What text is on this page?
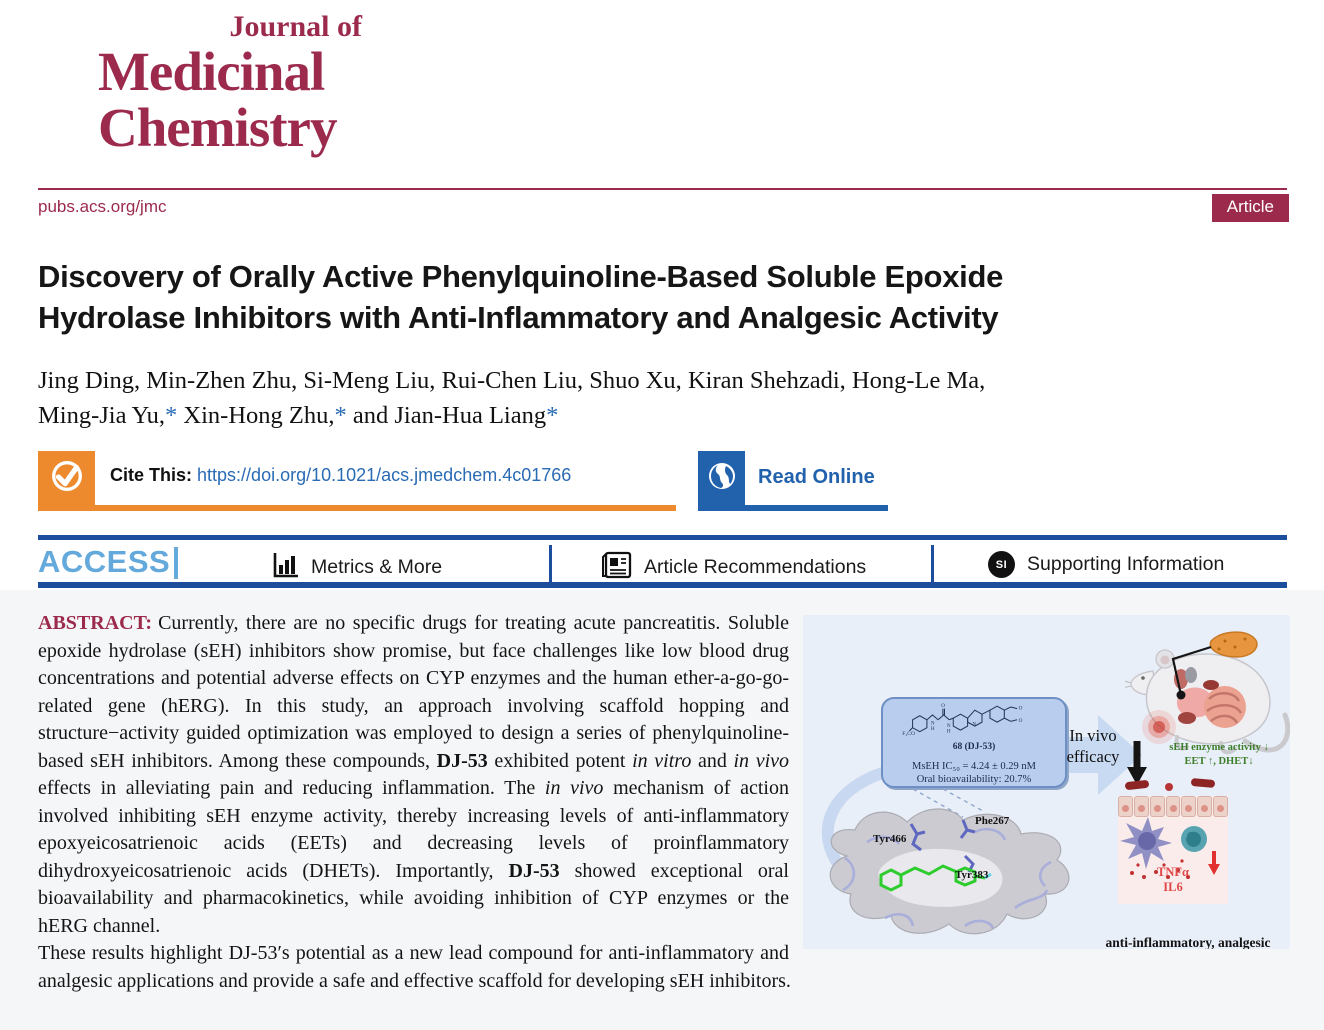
Journal of
Medicinal
Chemistry
pubs.acs.org/jmc	Article
Discovery of Orally Active Phenylquinoline-Based Soluble Epoxide
Hydrolase Inhibitors with Anti-Inflammatory and Analgesic Activity
Jing Ding, Min-Zhen Zhu, Si-Meng Liu, Rui-Chen Liu, Shuo Xu, Kiran Shehzadi, Hong-Le Ma,
Ming-Jia Yu,* Xin-Hong Zhu,* and Jian-Hua Liang*
Cite This: https://doi.org/10.1021/acs.jmedchem.4c01766	Read Online
ACCESS	Metrics & More	Article Recommendations	SI	Supporting Information
F₃CO
O
N
H
N
H
N
O
O
68 (DJ-53)
MsEH IC₅₀ = 4.24 ± 0.29 nM
Oral bioavailability: 20.7%
In vivo efficacy	sEH enzyme activity ↓
EET ↑, DHET↓
Tyr466
Phe267
Tyr383	TNFα
IL6
anti-inflammatory, analgesic

ABSTRACT: Currently, there are no specific drugs for treating acute pancreatitis. Soluble epoxide hydrolase (sEH) inhibitors show promise, but face challenges like low blood drug concentrations and potential adverse effects on CYP enzymes and the human ether-a-go-go-related gene (hERG). In this study, an approach involving scaffold hopping and structure−activity guided optimization was employed to design a series of phenylquinoline-based sEH inhibitors. Among these compounds, DJ-53 exhibited potent in vitro and in vivo effects in alleviating pain and reducing inflammation. The in vivo mechanism of action involved inhibiting sEH enzyme activity, thereby increasing levels of anti-inflammatory epoxyeicosatrienoic acids (EETs) and decreasing levels of proinflammatory dihydroxyeicosatrienoic acids (DHETs). Importantly, DJ-53 showed exceptional oral bioavailability and pharmacokinetics, while avoiding inhibition of CYP enzymes or the hERG channel.

These results highlight DJ-53′s potential as a new lead compound for anti-inflammatory and analgesic applications and provide a safe and effective scaffold for developing sEH inhibitors.
